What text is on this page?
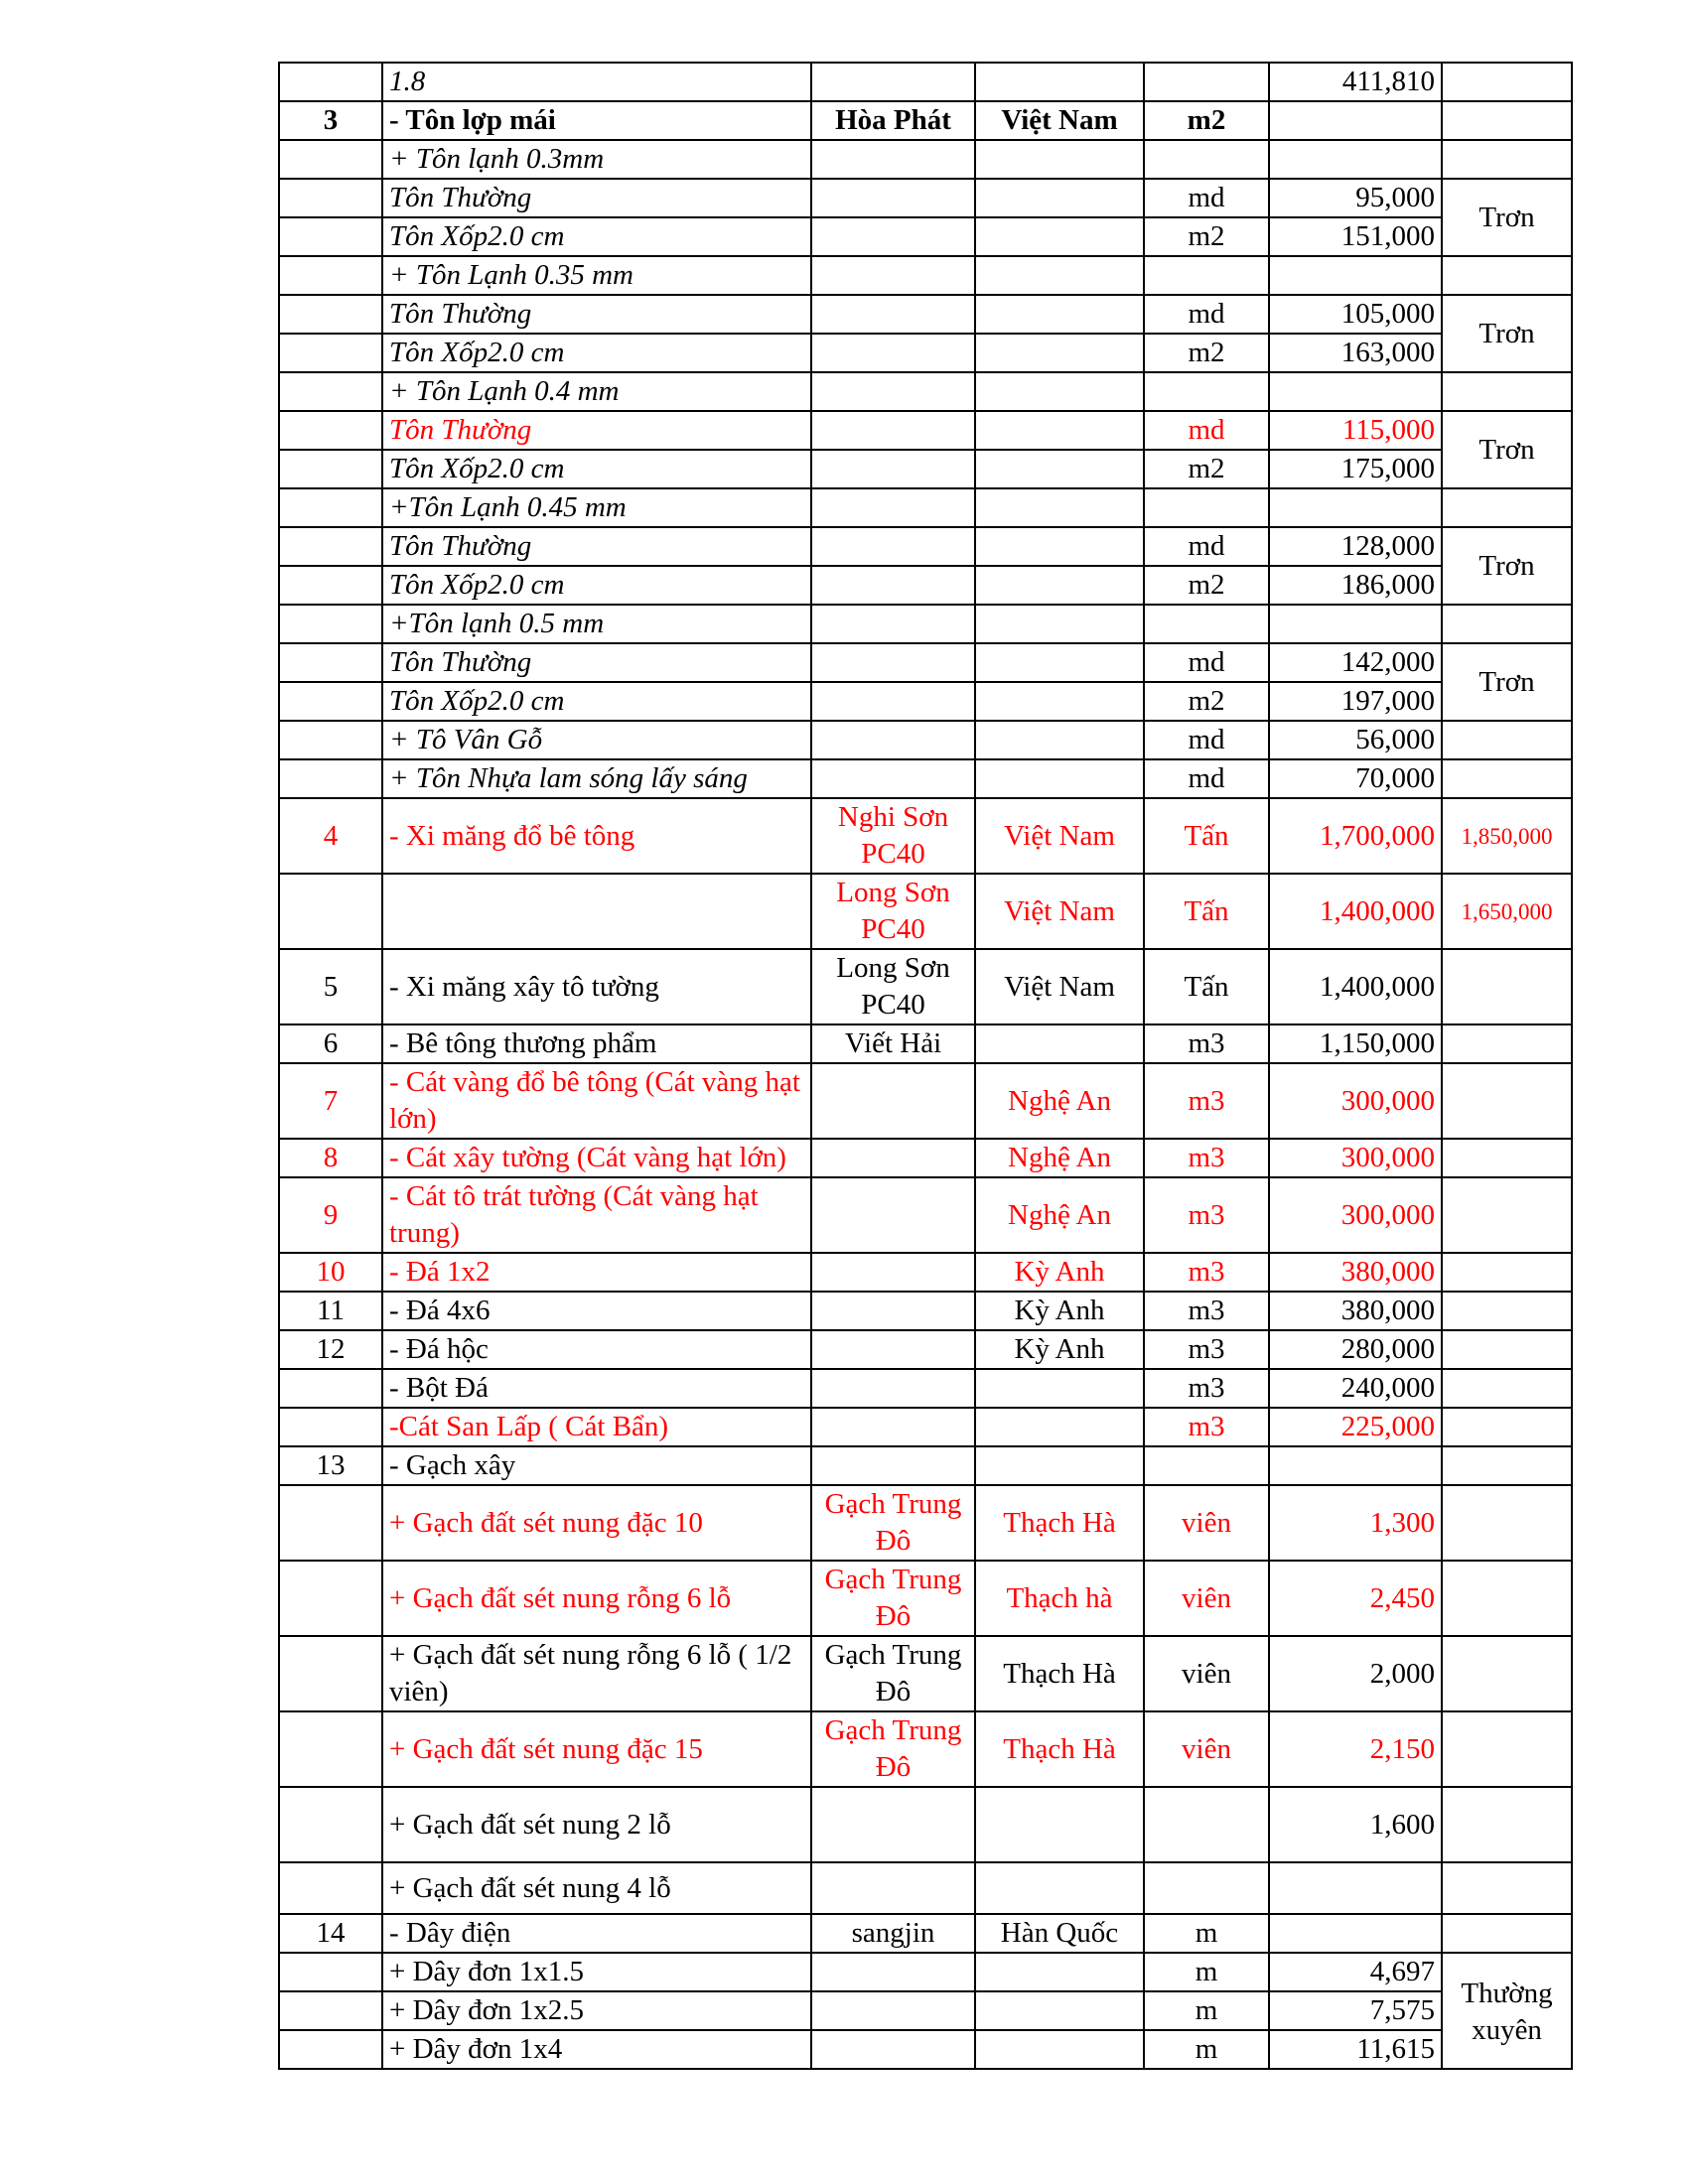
	1.8				411,810	
3	- Tôn lợp mái	Hòa Phát	Việt Nam	m2		
	+ Tôn lạnh 0.3mm					
	Tôn Thường			md	95,000	Trơn
	Tôn Xốp2.0 cm			m2	151,000	
	+ Tôn Lạnh 0.35 mm					
	Tôn Thường			md	105,000	Trơn
	Tôn Xốp2.0 cm			m2	163,000	
	+ Tôn Lạnh 0.4 mm					
	Tôn Thường			md	115,000	Trơn
	Tôn Xốp2.0 cm			m2	175,000	
	+Tôn Lạnh 0.45 mm					
	Tôn Thường			md	128,000	Trơn
	Tôn Xốp2.0 cm			m2	186,000	
	+Tôn lạnh 0.5 mm					
	Tôn Thường			md	142,000	Trơn
	Tôn Xốp2.0 cm			m2	197,000	
	+ Tô Vân Gỗ			md	56,000	
	+ Tôn Nhựa lam sóng lấy sáng			md	70,000	
4	- Xi măng đổ bê tông	Nghi Sơn PC40	Việt Nam	Tấn	1,700,000	1,850,000
		Long Sơn PC40	Việt Nam	Tấn	1,400,000	1,650,000
5	- Xi măng xây tô tường	Long Sơn PC40	Việt Nam	Tấn	1,400,000	
6	- Bê tông thương phẩm	Viết Hải		m3	1,150,000	
7	- Cát vàng đổ bê tông (Cát vàng hạt lớn)		Nghệ An	m3	300,000	
8	- Cát xây tường (Cát vàng hạt lớn)		Nghệ An	m3	300,000	
9	- Cát tô trát tường (Cát vàng hạt trung)		Nghệ An	m3	300,000	
10	- Đá 1x2		Kỳ Anh	m3	380,000	
11	- Đá 4x6		Kỳ Anh	m3	380,000	
12	- Đá hộc		Kỳ Anh	m3	280,000	
	- Bột Đá			m3	240,000	
	-Cát San Lấp ( Cát Bẩn)			m3	225,000	
13	- Gạch xây					
	+ Gạch đất sét nung đặc 10	Gạch Trung Đô	Thạch Hà	viên	1,300	
	+ Gạch đất sét nung rỗng 6 lỗ	Gạch Trung Đô	Thạch hà	viên	2,450	
	+ Gạch đất sét nung rỗng 6 lỗ ( 1/2 viên)	Gạch Trung Đô	Thạch Hà	viên	2,000	
	+ Gạch đất sét nung đặc 15	Gạch Trung Đô	Thạch Hà	viên	2,150	
	+ Gạch đất sét nung 2 lỗ				1,600	
	+ Gạch đất sét nung 4 lỗ					
14	- Dây điện	sangjin	Hàn Quốc	m		
	+ Dây đơn 1x1.5			m	4,697	Thường xuyên

	+ Dây đơn 1x2.5			m	7,575	
	+ Dây đơn 1x4			m	11,615	
